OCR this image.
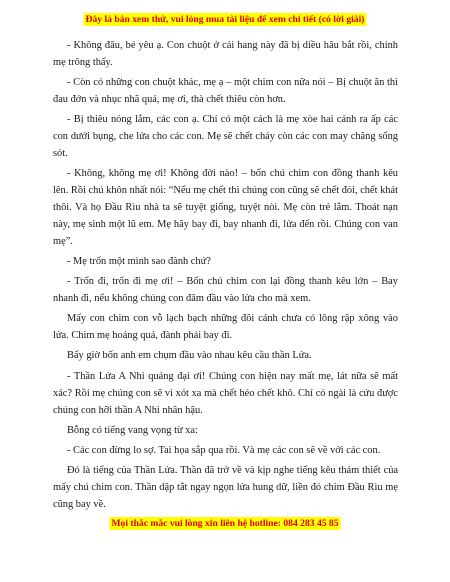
Đây là bản xem thử, vui lòng mua tài liệu để xem chi tiết (có lời giải)

- Không đâu, bé yêu ạ. Con chuột ở cái hang này đã bị diều hâu bắt rồi, chính mẹ trông thấy.

- Còn có những con chuột khác, mẹ ạ – một chim con nữa nói – Bị chuột ăn thì đau đớn và nhục nhã quá, mẹ ơi, thà chết thiêu còn hơn.

- Bị thiêu nóng lắm, các con ạ. Chỉ có một cách là mẹ xòe hai cánh ra ấp các con dưới bụng, che lửa cho các con. Mẹ sẽ chết cháy còn các con may chăng sống sót.

- Không, không mẹ ơi! Không đời nào! – bốn chú chim con đồng thanh kêu lên. Rồi chú khôn nhất nói: “Nếu mẹ chết thì chúng con cũng sẽ chết đói, chết khát thôi. Và họ Đầu Rìu nhà ta sẽ tuyệt giống, tuyệt nòi. Mẹ còn trẻ lắm. Thoát nạn này, mẹ sinh một lũ em. Mẹ hãy bay đi, bay nhanh đi, lửa đến rồi. Chúng con van mẹ”.

- Mẹ trốn một mình sao đành chứ?

- Trốn đi, trốn đi mẹ ơi! – Bốn chú chim con lại đồng thanh kêu lớn – Bay nhanh đi, nếu không chúng con đâm đầu vào lửa cho mà xem.

Mấy con chim con vỗ lạch bạch những đôi cánh chưa có lông rập xông vào lửa. Chim mẹ hoảng quá, đành phải bay đi.

Bấy giờ bốn anh em chụm đầu vào nhau kêu cầu thần Lửa.

- Thần Lửa A Nhi quảng đại ơi! Chúng con hiện nay mất mẹ, lát nữa sẽ mất xác? Rồi mẹ chúng con sẽ vì xót xa mà chết héo chết khô. Chỉ có ngài là cứu được chúng con hỡi thần A Nhi nhân hậu.

Bỗng có tiếng vang vọng từ xa:

- Các con đừng lo sợ. Tai họa sắp qua rồi. Và mẹ các con sẽ về với các con.

Đó là tiếng của Thần Lửa. Thần đã trở về và kịp nghe tiếng kêu thảm thiết của mấy chú chim con. Thần dập tắt ngay ngọn lửa hung dữ, liền đó chim Đầu Rìu mẹ cũng bay về.

Mọi thắc mắc vui lòng xin liên hệ hotline: 084 283 45 85
